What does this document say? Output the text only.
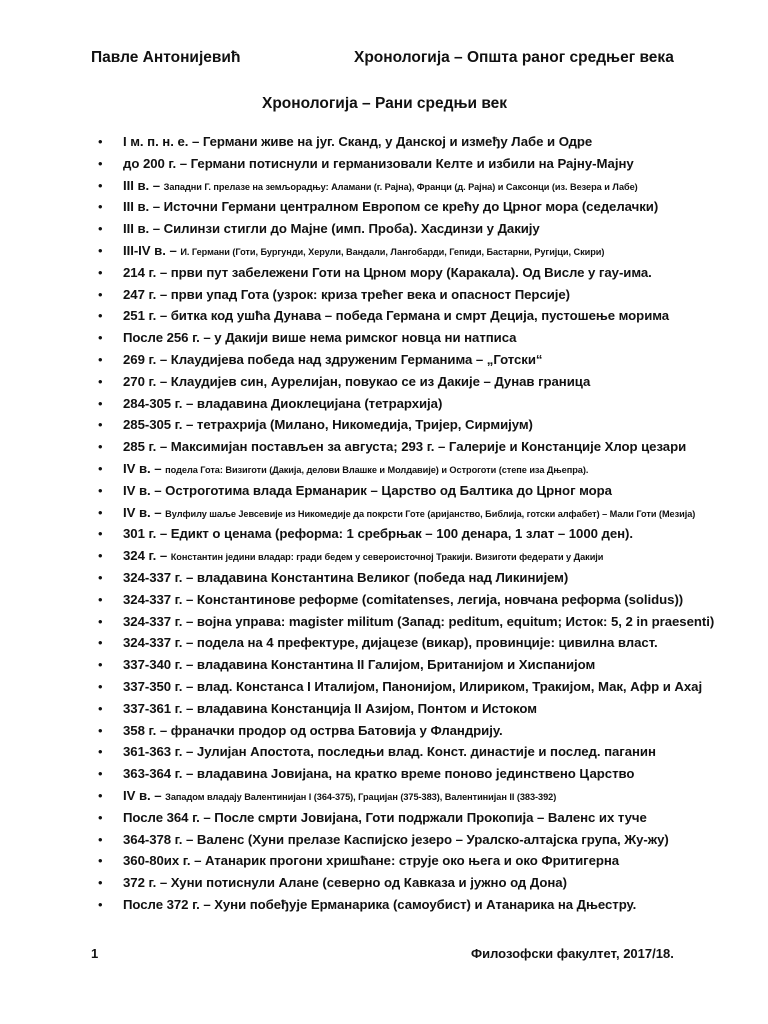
Павле Антонијевић	Хронологија – Општа раног средњег века
Хронологија – Рани средњи век
• I м. п. н. е. – Германи живе на југ. Сканд, у Данској и између Лабе и Одре
• до 200 г. – Германи потиснули и германизовали Келте и избили на Рајну-Мајну
• III в. – Западни Г. прелазе на земљорадњу: Аламани (г. Рајна), Франци (д. Рајна) и Саксонци (из. Везера и Лабе)
• III в. – Источни Германи централном Европом се крећу до Црног мора (седелачки)
• III в. – Силинзи стигли до Мајне (имп. Проба). Хасдинзи у Дакију
• III-IV в. – И. Германи (Готи, Бургунди, Херули, Вандали, Лангобарди, Гепиди, Бастарни, Ругијци, Скири)
• 214 г. – први пут забележени Готи на Црном мору (Каракала). Од Висле у гау-има.
• 247 г. – први упад Гота (узрок: криза трећег века и опасност Персије)
• 251 г. – битка код ушћа Дунава – победа Германа и смрт Деција, пустошење морима
• После 256 г. – у Дакији више нема римског новца ни натписа
• 269 г. – Клаудијева победа над здруженим Германима – „Готски“
• 270 г. – Клаудијев син, Аурелијан, повукао се из Дакије – Дунав граница
• 284-305 г. – владавина Диоклецијана (тетрархија)
• 285-305 г. – тетрахрија (Милано, Никомедија, Тријер, Сирмијум)
• 285 г. – Максимијан постављен за августа; 293 г. – Галерије и Констанције Хлор цезари
• IV в. – подела Гота: Визиготи (Дакија, делови Влашке и Молдавије) и Остроготи (степе иза Дњепра).
• IV в. – Остроготима влада Ерманарик – Царство од Балтика до Црног мора
• IV в. – Вулфилу шаље Јевсевије из Никомедије да покрсти Готе (аријанство, Библија, готски алфабет) – Мали Готи (Мезија)
• 301 г. – Едикт о ценама (реформа: 1 сребрњак – 100 денара, 1 злат – 1000 ден).
• 324 г. – Константин једини владар: гради бедем у североисточној Тракији. Визиготи федерати у Дакији
• 324-337 г. – владавина Константина Великог (победа над Ликинијем)
• 324-337 г. – Константинове реформе (comitatenses, легија, новчана реформа (solidus))
• 324-337 г. – војна управа: magister militum (Запад: peditum, equitum; Исток: 5, 2 in praesenti)
• 324-337 г. – подела на 4 префектуре, дијацезе (викар), провинције: цивилна власт.
• 337-340 г. – владавина Константина II Галијом, Британијом и Хиспанијом
• 337-350 г. – влад. Констанса I Италијом, Панонијом, Илириком, Тракијом, Мак, Афр и Ахај
• 337-361 г. – владавина Констанција II Азијом, Понтом и Истоком
• 358 г. – франачки продор од острва Батовија у Фландрију.
• 361-363 г. – Јулијан Апостота, последњи влад. Конст. династије и послед. паганин
• 363-364 г. – владавина Јовијана, на кратко време поново јединствено Царство
• IV в. – Западом владају Валентинијан I (364-375), Грацијан (375-383), Валентинијан II (383-392)
• После 364 г. – После смрти Јовијана, Готи подржали Прокопија – Валенс их туче
• 364-378 г. – Валенс (Хуни прелазе Каспијско језеро – Уралско-алтајска група, Жу-жу)
• 360-80их г. – Атанарик прогони хришћане: струје око њега и око Фритигерна
• 372 г. – Хуни потиснули Алане (северно од Кавказа и јужно од Дона)
• После 372 г. – Хуни побеђује Ерманарика (самоубист) и Атанарика на Дњестру.
1	Филозофски факултет, 2017/18.
